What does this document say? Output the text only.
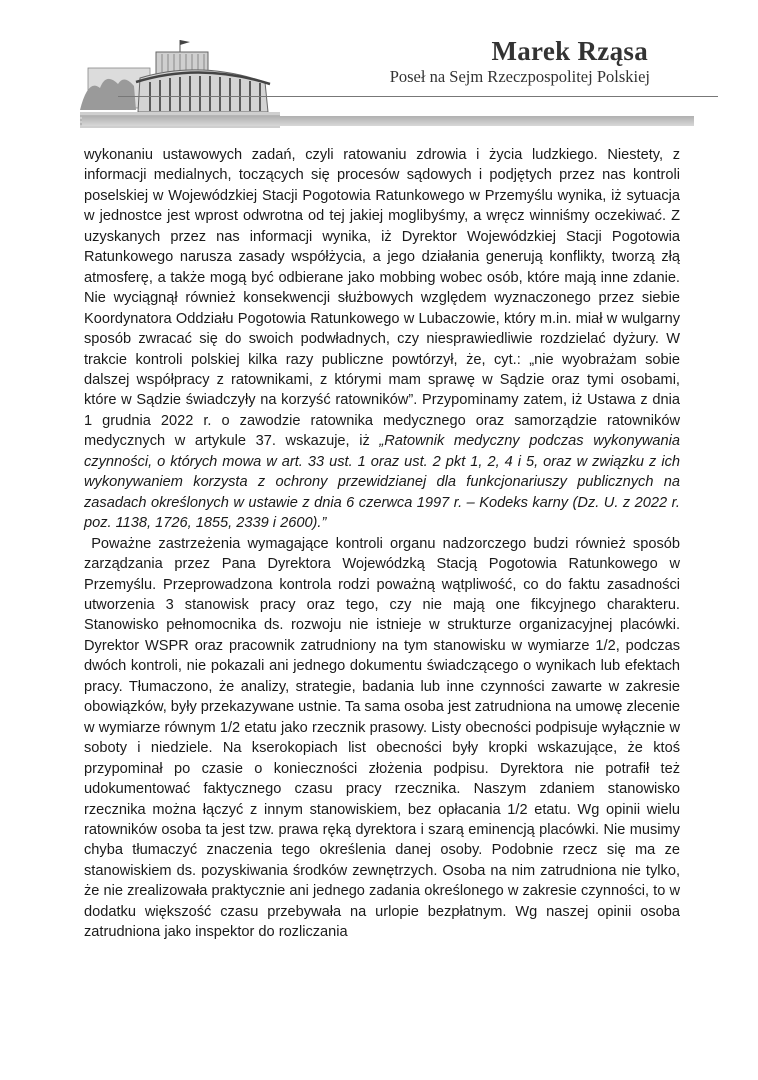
Marek Rząsa
Poseł na Sejm Rzeczpospolitej Polskiej

wykonaniu ustawowych zadań, czyli ratowaniu zdrowia i życia ludzkiego. Niestety, z informacji medialnych, toczących się procesów sądowych i podjętych przez nas kontroli poselskiej w Wojewódzkiej Stacji Pogotowia Ratunkowego w Przemyślu wynika, iż sytuacja w jednostce jest wprost odwrotna od tej jakiej moglibyśmy, a wręcz winniśmy oczekiwać. Z uzyskanych przez nas informacji wynika, iż Dyrektor Wojewódzkiej Stacji Pogotowia Ratunkowego narusza zasady współżycia, a jego działania generują konflikty, tworzą złą atmosferę, a także mogą być odbierane jako mobbing wobec osób, które mają inne zdanie. Nie wyciągnął również konsekwencji służbowych względem wyznaczonego przez siebie Koordynatora Oddziału Pogotowia Ratunkowego w Lubaczowie, który m.in. miał w wulgarny sposób zwracać się do swoich podwładnych, czy niesprawiedliwie rozdzielać dyżury. W trakcie kontroli polskiej kilka razy publiczne powtórzył, że, cyt.: „nie wyobrażam sobie dalszej współpracy z ratownikami, z którymi mam sprawę w Sądzie oraz tymi osobami, które w Sądzie świadczyły na korzyść ratowników”. Przypominamy zatem, iż Ustawa z dnia 1 grudnia 2022 r. o zawodzie ratownika medycznego oraz samorządzie ratowników medycznych w artykule 37. wskazuje, iż „Ratownik medyczny podczas wykonywania czynności, o których mowa w art. 33 ust. 1 oraz ust. 2 pkt 1, 2, 4 i 5, oraz w związku z ich wykonywaniem korzysta z ochrony przewidzianej dla funkcjonariuszy publicznych na zasadach określonych w ustawie z dnia 6 czerwca 1997 r. – Kodeks karny (Dz. U. z 2022 r. poz. 1138, 1726, 1855, 2339 i 2600).”

Poważne zastrzeżenia wymagające kontroli organu nadzorczego budzi również sposób zarządzania przez Pana Dyrektora Wojewódzką Stacją Pogotowia Ratunkowego w Przemyślu. Przeprowadzona kontrola rodzi poważną wątpliwość, co do faktu zasadności utworzenia 3 stanowisk pracy oraz tego, czy nie mają one fikcyjnego charakteru. Stanowisko pełnomocnika ds. rozwoju nie istnieje w strukturze organizacyjnej placówki. Dyrektor WSPR oraz pracownik zatrudniony na tym stanowisku w wymiarze 1/2, podczas dwóch kontroli, nie pokazali ani jednego dokumentu świadczącego o wynikach lub efektach pracy. Tłumaczono, że analizy, strategie, badania lub inne czynności zawarte w zakresie obowiązków, były przekazywane ustnie. Ta sama osoba jest zatrudniona na umowę zlecenie w wymiarze równym 1/2 etatu jako rzecznik prasowy. Listy obecności podpisuje wyłącznie w soboty i niedziele. Na kserokopiach list obecności były kropki wskazujące, że ktoś przypominał po czasie o konieczności złożenia podpisu. Dyrektora nie potrafił też udokumentować faktycznego czasu pracy rzecznika. Naszym zdaniem stanowisko rzecznika można łączyć z innym stanowiskiem, bez opłacania 1/2 etatu. Wg opinii wielu ratowników osoba ta jest tzw. prawa ręką dyrektora i szarą eminencją placówki. Nie musimy chyba tłumaczyć znaczenia tego określenia danej osoby. Podobnie rzecz się ma ze stanowiskiem ds. pozyskiwania środków zewnętrzych. Osoba na nim zatrudniona nie tylko, że nie zrealizowała praktycznie ani jednego zadania określonego w zakresie czynności, to w dodatku większość czasu przebywała na urlopie bezpłatnym. Wg naszej opinii osoba zatrudniona jako inspektor do rozliczania
